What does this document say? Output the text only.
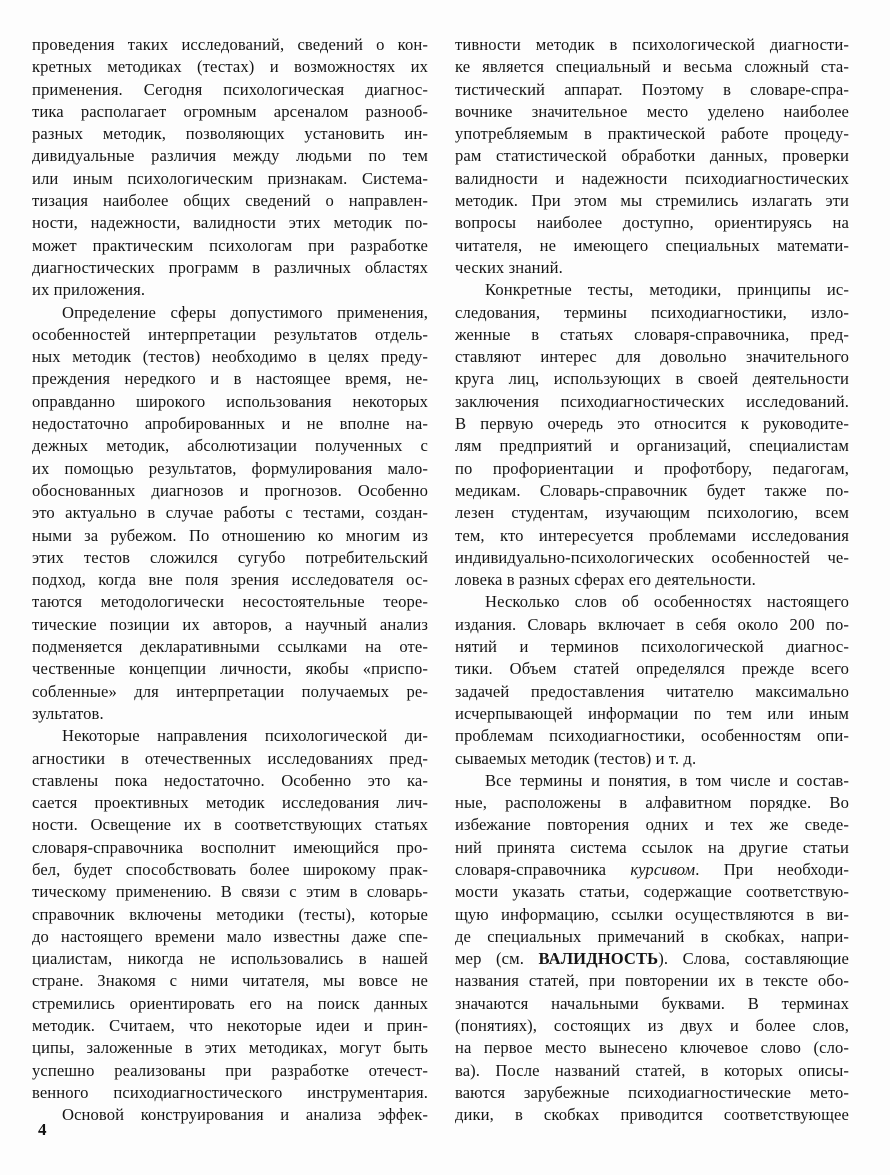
проведения таких исследований, сведений о кон-
кретных методиках (тестах) и возможностях их
применения. Сегодня психологическая диагнос-
тика располагает огромным арсеналом разнооб-
разных методик, позволяющих установить ин-
дивидуальные различия между людьми по тем
или иным психологическим признакам. Система-
тизация наиболее общих сведений о направлен-
ности, надежности, валидности этих методик по-
может практическим психологам при разработке
диагностических программ в различных областях
их приложения.
Определение сферы допустимого применения,
особенностей интерпретации результатов отдель-
ных методик (тестов) необходимо в целях преду-
преждения нередкого и в настоящее время, не-
оправданно широкого использования некоторых
недостаточно апробированных и не вполне на-
дежных методик, абсолютизации полученных с
их помощью результатов, формулирования мало-
обоснованных диагнозов и прогнозов. Особенно
это актуально в случае работы с тестами, создан-
ными за рубежом. По отношению ко многим из
этих тестов сложился сугубо потребительский
подход, когда вне поля зрения исследователя ос-
таются методологически несостоятельные теоре-
тические позиции их авторов, а научный анализ
подменяется декларативными ссылками на оте-
чественные концепции личности, якобы «приспо-
собленные» для интерпретации получаемых ре-
зультатов.
Некоторые направления психологической ди-
агностики в отечественных исследованиях пред-
ставлены пока недостаточно. Особенно это ка-
сается проективных методик исследования лич-
ности. Освещение их в соответствующих статьях
словаря-справочника восполнит имеющийся про-
бел, будет способствовать более широкому прак-
тическому применению. В связи с этим в словарь-
справочник включены методики (тесты), которые
до настоящего времени мало известны даже спе-
циалистам, никогда не использовались в нашей
стране. Знакомя с ними читателя, мы вовсе не
стремились ориентировать его на поиск данных
методик. Считаем, что некоторые идеи и прин-
ципы, заложенные в этих методиках, могут быть
успешно реализованы при разработке отечест-
венного психодиагностического инструментария.
Основой конструирования и анализа эффек-
тивности методик в психологической диагности-
ке является специальный и весьма сложный ста-
тистический аппарат. Поэтому в словаре-спра-
вочнике значительное место уделено наиболее
употребляемым в практической работе процеду-
рам статистической обработки данных, проверки
валидности и надежности психодиагностических
методик. При этом мы стремились излагать эти
вопросы наиболее доступно, ориентируясь на
читателя, не имеющего специальных математи-
ческих знаний.
Конкретные тесты, методики, принципы ис-
следования, термины психодиагностики, изло-
женные в статьях словаря-справочника, пред-
ставляют интерес для довольно значительного
круга лиц, использующих в своей деятельности
заключения психодиагностических исследований.
В первую очередь это относится к руководите-
лям предприятий и организаций, специалистам
по профориентации и профотбору, педагогам,
медикам. Словарь-справочник будет также по-
лезен студентам, изучающим психологию, всем
тем, кто интересуется проблемами исследования
индивидуально-психологических особенностей че-
ловека в разных сферах его деятельности.
Несколько слов об особенностях настоящего
издания. Словарь включает в себя около 200 по-
нятий и терминов психологической диагнос-
тики. Объем статей определялся прежде всего
задачей предоставления читателю максимально
исчерпывающей информации по тем или иным
проблемам психодиагностики, особенностям опи-
сываемых методик (тестов) и т. д.
Все термины и понятия, в том числе и состав-
ные, расположены в алфавитном порядке. Во
избежание повторения одних и тех же сведе-
ний принята система ссылок на другие статьи
словаря-справочника курсивом. При необходи-
мости указать статьи, содержащие соответствую-
щую информацию, ссылки осуществляются в ви-
де специальных примечаний в скобках, напри-
мер (см. ВАЛИДНОСТЬ). Слова, составляющие
названия статей, при повторении их в тексте обо-
значаются начальными буквами. В терминах
(понятиях), состоящих из двух и более слов,
на первое место вынесено ключевое слово (сло-
ва). После названий статей, в которых описы-
ваются зарубежные психодиагностические мето-
дики, в скобках приводится соответствующее
4
